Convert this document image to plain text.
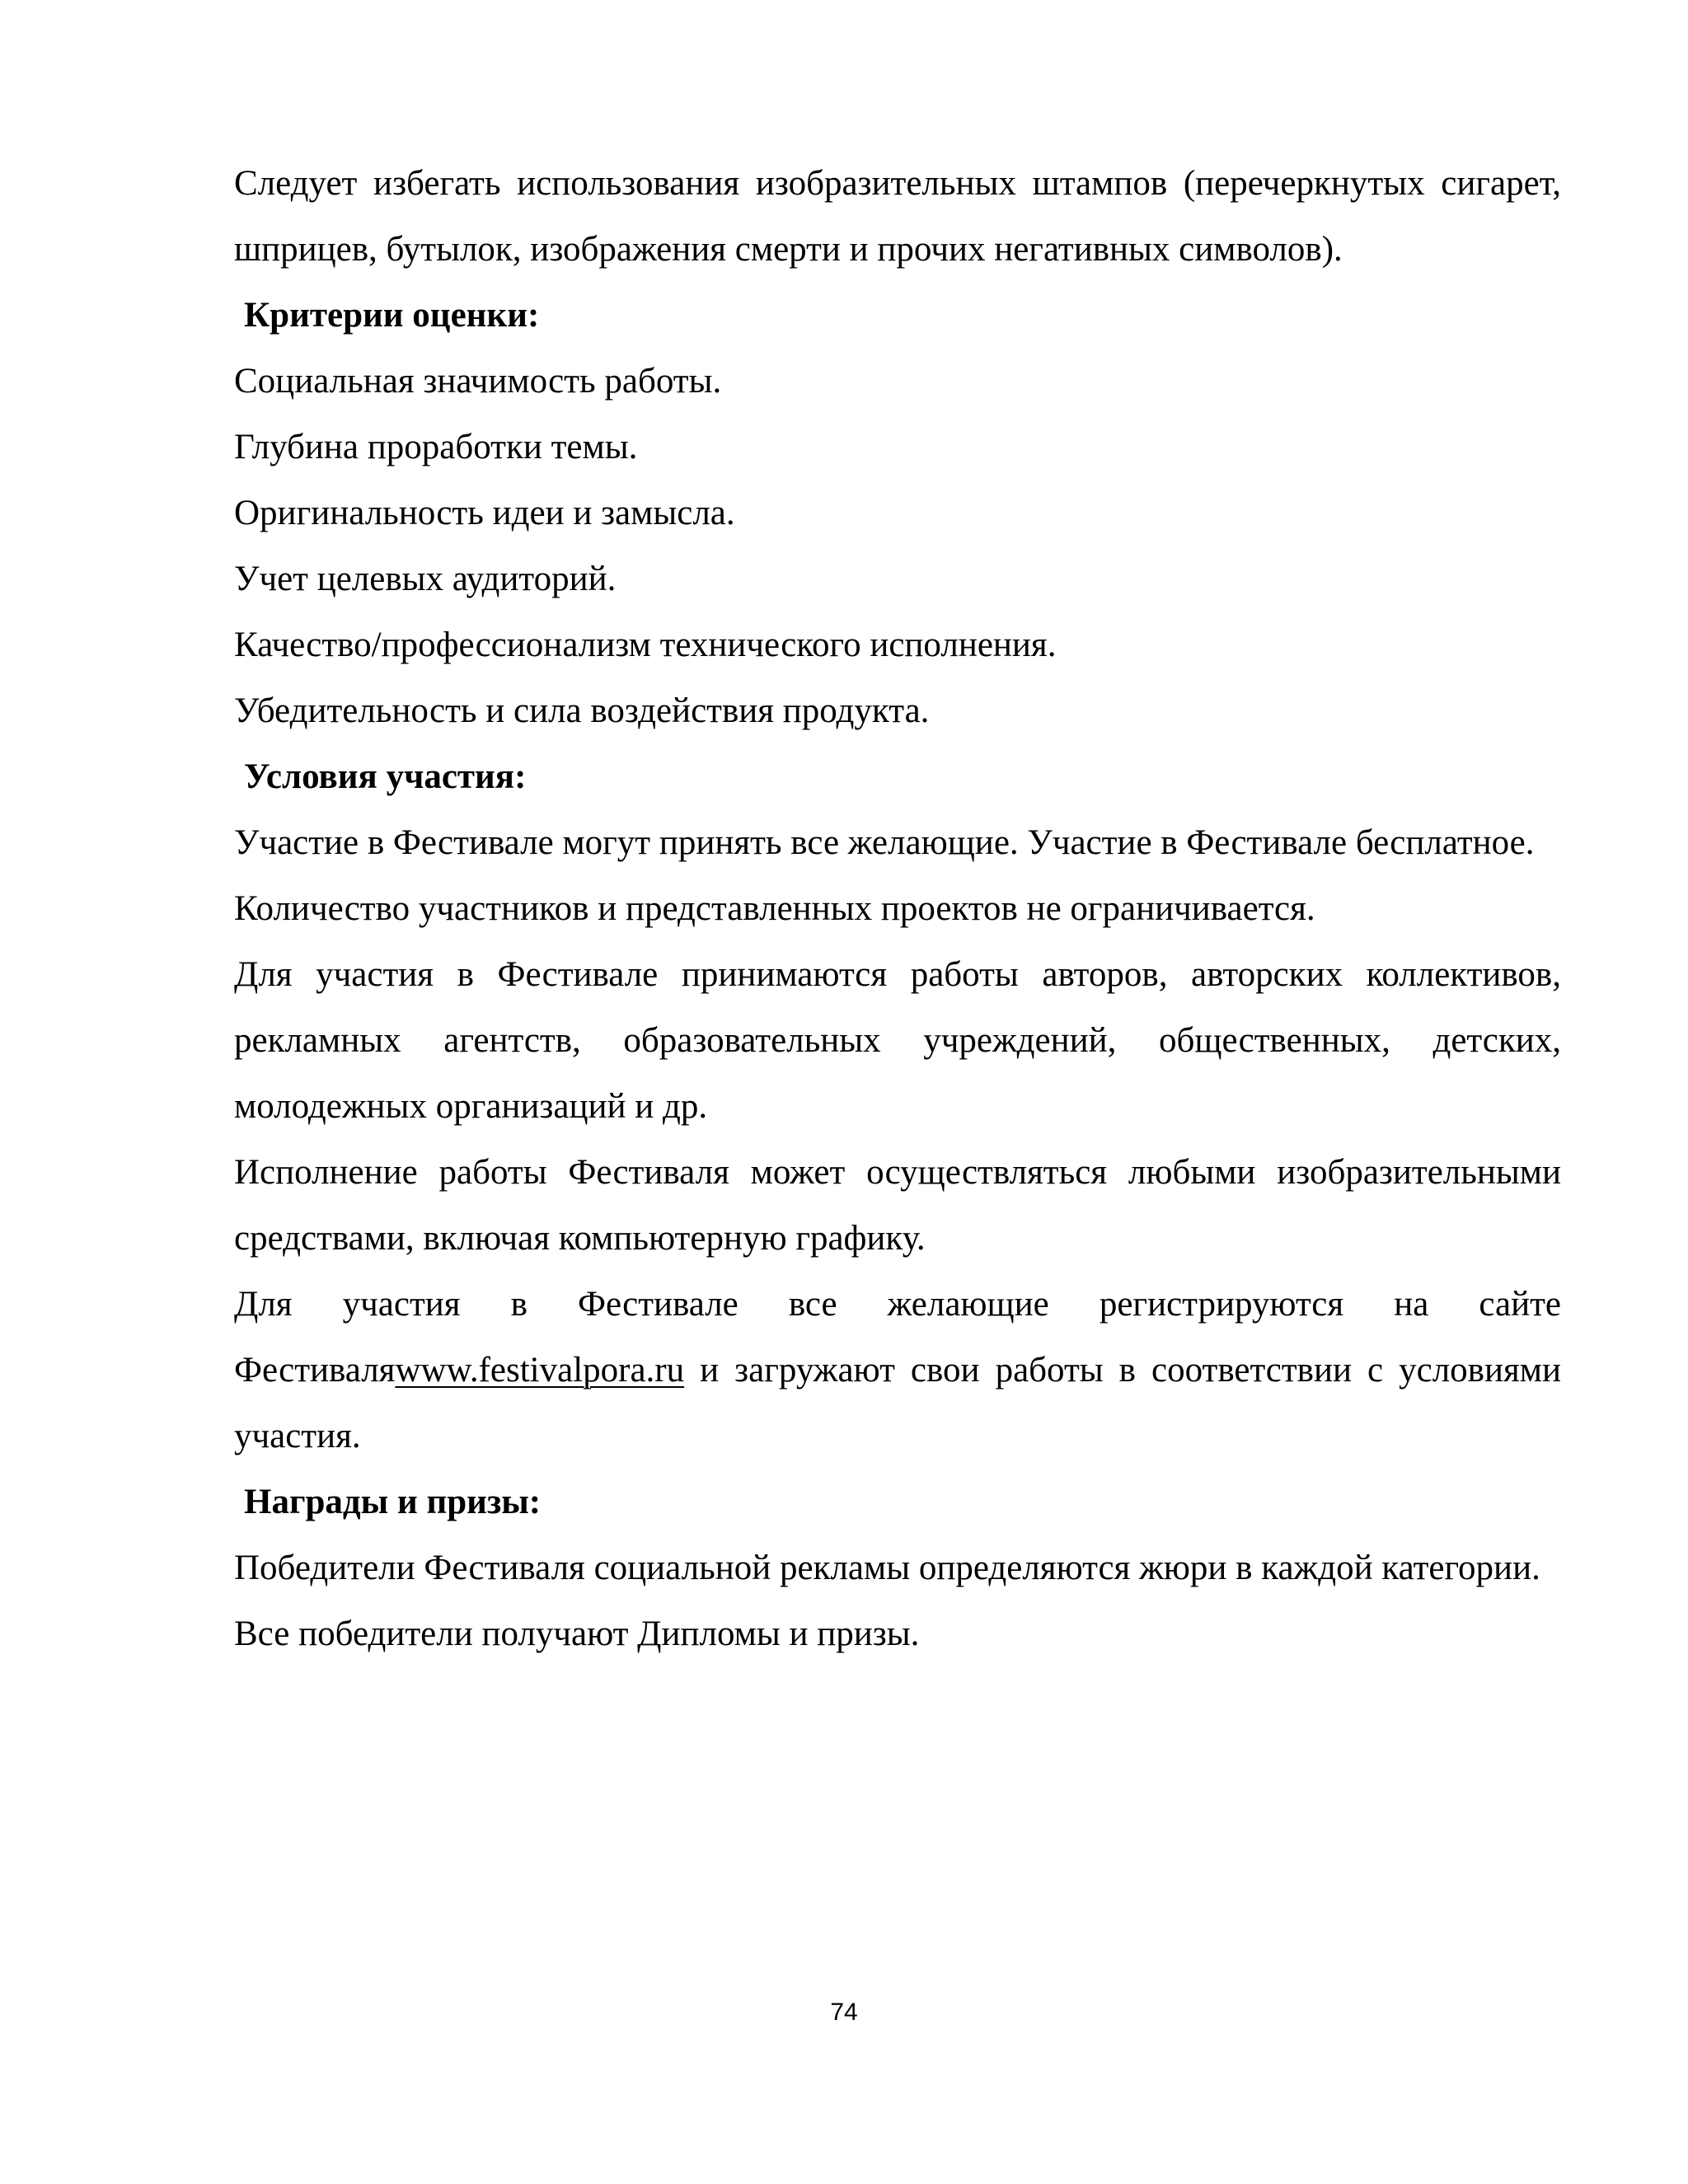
Следует избегать использования изобразительных штампов (перечеркнутых сигарет, шприцев, бутылок, изображения смерти и прочих негативных символов).

Критерии оценки:

Социальная значимость работы.

Глубина проработки темы.

Оригинальность идеи и замысла.

Учет целевых аудиторий.

Качество/профессионализм технического исполнения.

Убедительность и сила воздействия продукта.

Условия участия:

Участие в Фестивале могут принять все желающие. Участие в Фестивале бесплатное.

Количество участников и представленных проектов не ограничивается.

Для участия в Фестивале принимаются работы авторов, авторских коллективов, рекламных агентств, образовательных учреждений, общественных, детских, молодежных организаций и др.

Исполнение работы Фестиваля может осуществляться любыми изобразительными средствами, включая компьютерную графику.

Для участия в Фестивале все желающие регистрируются на сайте Фестиваляwww.festivalpora.ru и загружают свои работы в соответствии с условиями участия.

Награды и призы:

Победители Фестиваля социальной рекламы определяются жюри в каждой категории.

Все победители получают Дипломы и призы.

74
